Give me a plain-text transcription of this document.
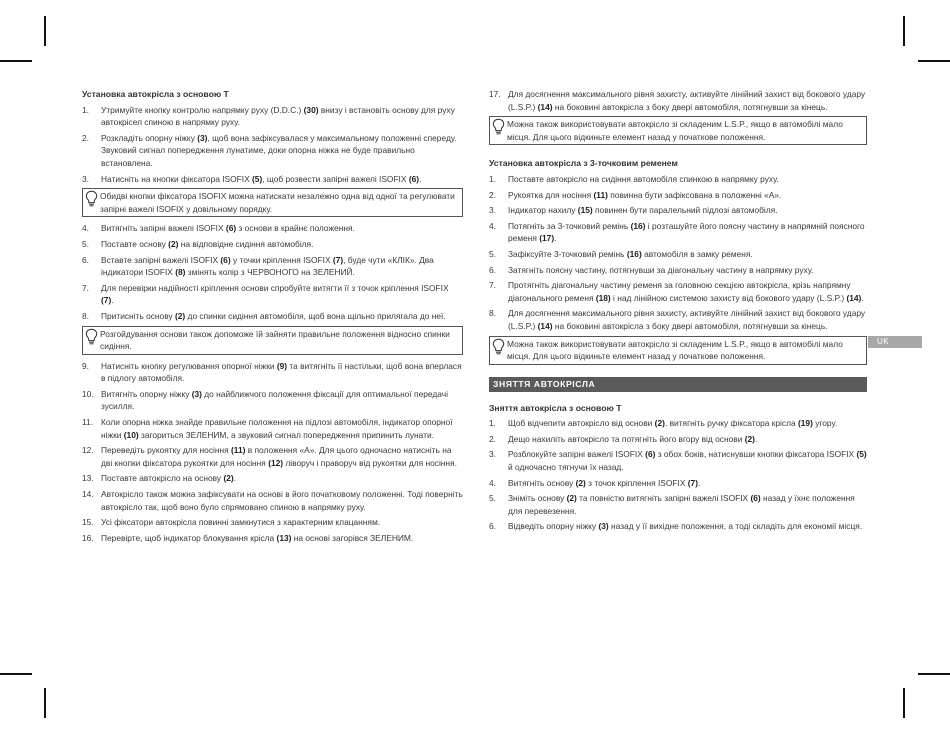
Установка автокрісла з основою T
1.	Утримуйте кнопку контролю напрямку руху (D.D.C.) (30) внизу і встановіть основу для руху автокрісел спиною в напрямку руху.
2.	Розкладіть опорну ніжку (3), щоб вона зафіксувалася у максимальному положенні спереду. Звуковий сигнал попередження лунатиме, доки опорна ніжка не буде правильно встановлена.
3.	Натисніть на кнопки фіксатора ISOFIX (5), щоб розвести запірні важелі ISOFIX (6).
Обидві кнопки фіксатора ISOFIX можна натискати незалежно одна від одної та регулювати запірні важелі ISOFIX у довільному порядку.
4.	Витягніть запірні важелі ISOFIX (6) з основи в крайнє положення.
5.	Поставте основу (2) на відповідне сидіння автомобіля.
6.	Вставте запірні важелі ISOFIX (6) у точки кріплення ISOFIX (7), буде чути «КЛІК». Два індикатори ISOFIX (8) змінять колір з ЧЕРВОНОГО на ЗЕЛЕНИЙ.
7.	Для перевірки надійності кріплення основи спробуйте витягти її з точок кріплення ISOFIX (7).
8.	Притисніть основу (2) до спинки сидіння автомобіля, щоб вона щільно прилягала до неї.
Розгойдування основи також допоможе їй зайняти правильне положення відносно спинки сидіння.
9.	Натисніть кнопку регулювання опорної ніжки (9) та витягніть її настільки, щоб вона вперлася в підлогу автомобіля.
10. Витягніть опорну ніжку (3) до найближчого положення фіксації для оптимальної передачі зусилля.
11. Коли опорна ніжка знайде правильне положення на підлозі автомобіля, індикатор опорної ніжки (10) загориться ЗЕЛЕНИМ, а звуковий сигнал попередження припинить лунати.
12. Переведіть рукоятку для носіння (11) в положення «A». Для цього одночасно натисніть на дві кнопки фіксатора рукоятки для носіння (12) ліворуч і праворуч від рукоятки для носіння.
13. Поставте автокрісло на основу (2).
14. Автокрісло також можна зафіксувати на основі в його початковому положенні. Тоді поверніть автокрісло так, щоб воно було спрямовано спиною в напрямку руху.
15. Усі фіксатори автокрісла повинні замкнутися з характерним клацанням.
16. Перевірте, щоб індикатор блокування крісла (13) на основі загорівся ЗЕЛЕНИМ.
17. Для досягнення максимального рівня захисту, активуйте лінійний захист від бокового удару (L.S.P.) (14) на боковині автокрісла з боку дверi автомобіля, потягнувши за кінець.
Можна також використовувати автокрісло зі складеним L.S.P., якщо в автомобілі мало місця. Для цього відкиньте елемент назад у початкове положення.
Установка автокрісла з 3-точковим ременем
1.	Поставте автокрісло на сидіння автомобіля спинкою в напрямку руху.
2.	Рукоятка для носіння (11) повинна бути зафіксована в положенні «A».
3.	Індикатор нахилу (15) повинен бути паралельний підлозі автомобіля.
4.	Потягніть за 3-точковий ремінь (16) і розташуйте його поясну частину в напрямній поясного ременя (17).
5.	Зафіксуйте 3-точковий ремінь (16) автомобіля в замку ременя.
6.	Затягніть поясну частину, потягнувши за діагональну частину в напрямку руху.
7.	Протягніть діагональну частину ременя за головною секцією автокрісла, крізь напрямну діагонального ременя (18) і над лінійною системою захисту від бокового удару (L.S.P.) (14).
8.	Для досягнення максимального рівня захисту, активуйте лінійний захист від бокового удару (L.S.P.) (14) на боковині автокрісла з боку дверi автомобіля, потягнувши за кінець.
Можна також використовувати автокрісло зі складеним L.S.P., якщо в автомобілі мало місця. Для цього відкиньте елемент назад у початкове положення.
ЗНЯТТЯ АВТОКРІСЛА
Зняття автокрісла з основою T
1.	Щоб відчепити автокрісло від основи (2), витягніть ручку фіксатора крісла (19) угору.
2.	Дещо нахиліть автокрісло та потягніть його вгору від основи (2).
3.	Розблокуйте запірні важелі ISOFIX (6) з обох боків, натиснувши кнопки фіксатора ISOFIX (5) й одночасно тягнучи їх назад.
4.	Витягніть основу (2) з точок кріплення ISOFIX (7).
5.	Зніміть основу (2) та повністю витягніть запірні важелі ISOFIX (6) назад у їхнє положення для перевезення.
6.	Відведіть опорну ніжку (3) назад у її вихідне положення, а тоді складіть для економії місця.
UK
